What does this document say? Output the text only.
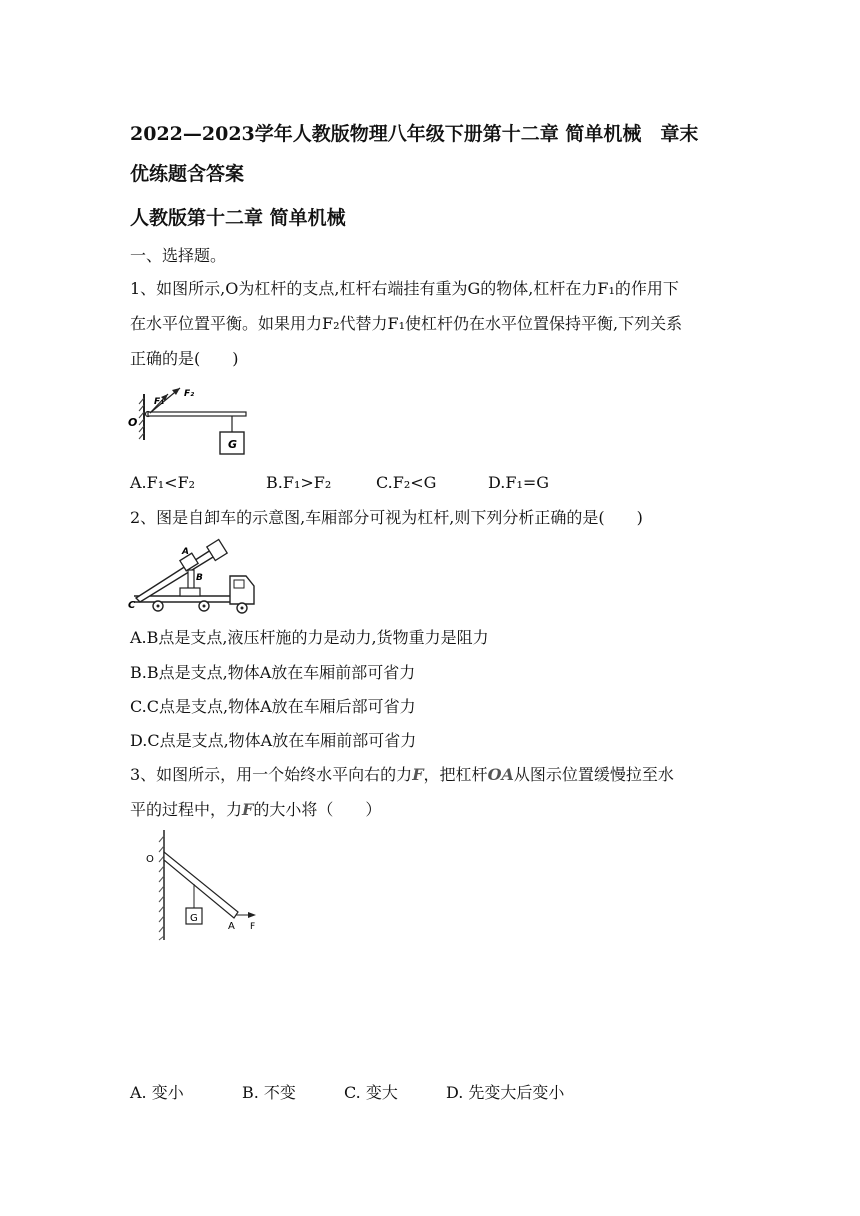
2022—2023学年人教版物理八年级下册第十二章 简单机械　章末
优练题含答案
人教版第十二章 简单机械
一、选择题。
1、如图所示,O为杠杆的支点,杠杆右端挂有重为G的物体,杠杆在力F₁的作用下
在水平位置平衡。如果用力F₂代替力F₁使杠杆仍在水平位置保持平衡,下列关系
正确的是(　　)
O
F₁
F₂
G
A.F₁<F₂	B.F₁>F₂	C.F₂<G	D.F₁=G
2、图是自卸车的示意图,车厢部分可视为杠杆,则下列分析正确的是(　　)
A
B
C
A.B点是支点,液压杆施的力是动力,货物重力是阻力
B.B点是支点,物体A放在车厢前部可省力
C.C点是支点,物体A放在车厢后部可省力
D.C点是支点,物体A放在车厢前部可省力
3、如图所示，用一个始终水平向右的力F，把杠杆OA从图示位置缓慢拉至水
平的过程中，力F的大小将（　　）
O
G
A F
A. 变小	B. 不变	C. 变大	D. 先变大后变小
